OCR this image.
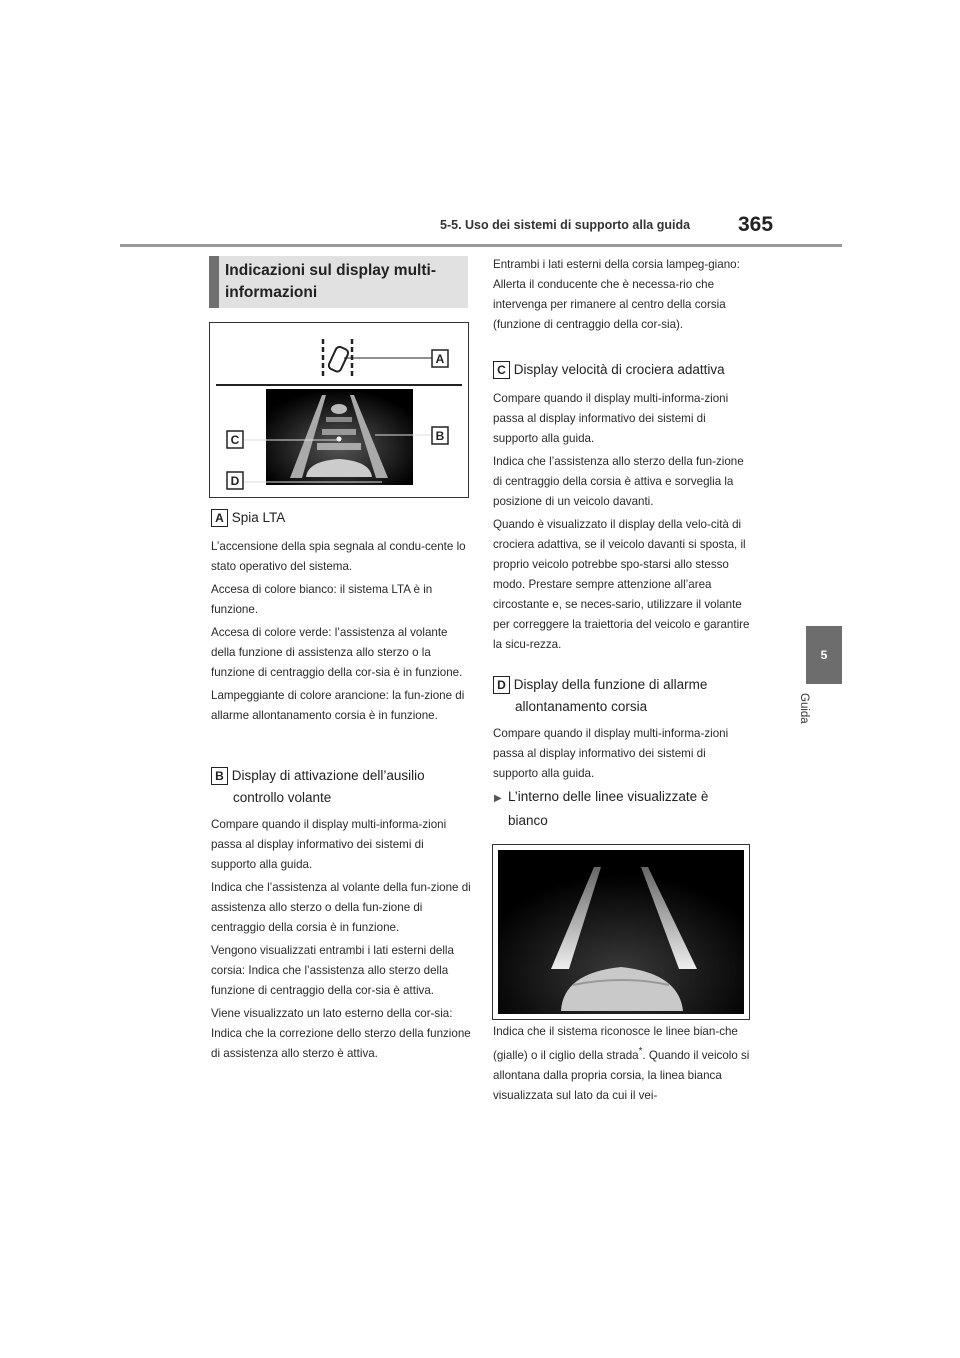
5-5. Uso dei sistemi di supporto alla guida 365
5
Guida
Indicazioni sul display multi-informazioni
A
B
C
D
A Spia LTA

L’accensione della spia segnala al condu-cente lo stato operativo del sistema.

Accesa di colore bianco: il sistema LTA è in funzione.

Accesa di colore verde: l’assistenza al volante della funzione di assistenza allo sterzo o la funzione di centraggio della cor-sia è in funzione.

Lampeggiante di colore arancione: la fun-zione di allarme allontanamento corsia è in funzione.

B Display di attivazione dell’ausilio
controllo volante

Compare quando il display multi-informa-zioni passa al display informativo dei sistemi di supporto alla guida.

Indica che l’assistenza al volante della fun-zione di assistenza allo sterzo o della fun-zione di centraggio della corsia è in funzione.

Vengono visualizzati entrambi i lati esterni della corsia: Indica che l’assistenza allo sterzo della funzione di centraggio della cor-sia è attiva.

Viene visualizzato un lato esterno della cor-sia: Indica che la correzione dello sterzo della funzione di assistenza allo sterzo è attiva.

Entrambi i lati esterni della corsia lampeg-giano: Allerta il conducente che è necessa-rio che intervenga per rimanere al centro della corsia (funzione di centraggio della cor-sia).
C Display velocità di crociera adattiva

Compare quando il display multi-informa-zioni passa al display informativo dei sistemi di supporto alla guida.

Indica che l’assistenza allo sterzo della fun-zione di centraggio della corsia è attiva e sorveglia la posizione di un veicolo davanti.

Quando è visualizzato il display della velo-cità di crociera adattiva, se il veicolo davanti si sposta, il proprio veicolo potrebbe spo-starsi allo stesso modo. Prestare sempre attenzione all’area circostante e, se neces-sario, utilizzare il volante per correggere la traiettoria del veicolo e garantire la sicu-rezza.

D Display della funzione di allarme
allontanamento corsia

Compare quando il display multi-informa-zioni passa al display informativo dei sistemi di supporto alla guida.

▶ L’interno delle linee visualizzate è
bianco
Indica che il sistema riconosce le linee bian-che (gialle) o il ciglio della strada*. Quando il veicolo si allontana dalla propria corsia, la linea bianca visualizzata sul lato da cui il vei-
